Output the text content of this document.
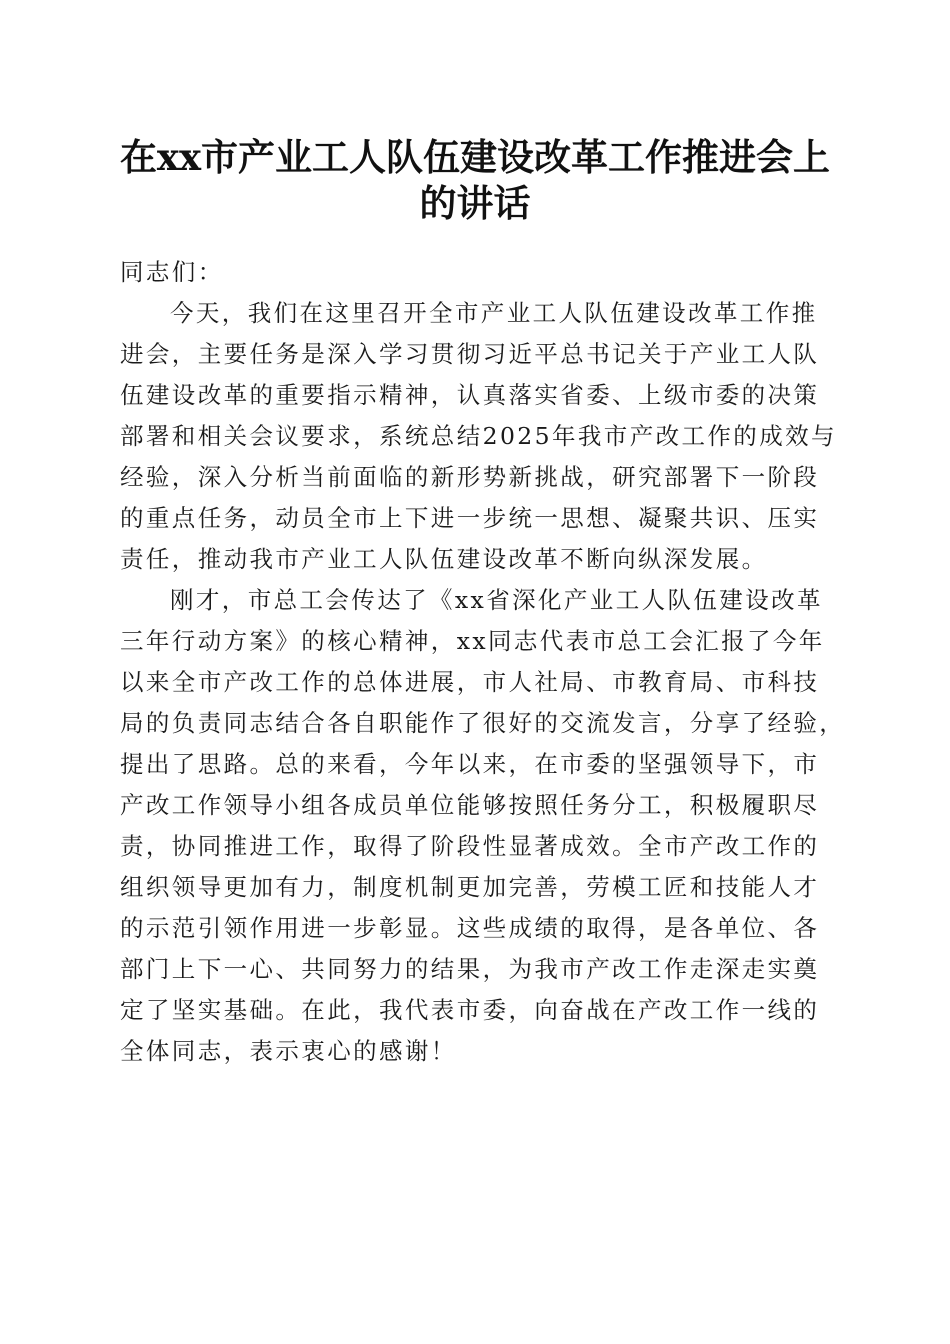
在xx市产业工人队伍建设改革工作推进会上
的讲话

同志们：

今天，我们在这里召开全市产业工人队伍建设改革工作推
进会，主要任务是深入学习贯彻习近平总书记关于产业工人队
伍建设改革的重要指示精神，认真落实省委、上级市委的决策
部署和相关会议要求，系统总结2025年我市产改工作的成效与
经验，深入分析当前面临的新形势新挑战，研究部署下一阶段
的重点任务，动员全市上下进一步统一思想、凝聚共识、压实
责任，推动我市产业工人队伍建设改革不断向纵深发展。
刚才，市总工会传达了《xx省深化产业工人队伍建设改革
三年行动方案》的核心精神，xx同志代表市总工会汇报了今年
以来全市产改工作的总体进展，市人社局、市教育局、市科技
局的负责同志结合各自职能作了很好的交流发言，分享了经验，
提出了思路。总的来看，今年以来，在市委的坚强领导下，市
产改工作领导小组各成员单位能够按照任务分工，积极履职尽
责，协同推进工作，取得了阶段性显著成效。全市产改工作的
组织领导更加有力，制度机制更加完善，劳模工匠和技能人才
的示范引领作用进一步彰显。这些成绩的取得，是各单位、各
部门上下一心、共同努力的结果，为我市产改工作走深走实奠
定了坚实基础。在此，我代表市委，向奋战在产改工作一线的
全体同志，表示衷心的感谢！
